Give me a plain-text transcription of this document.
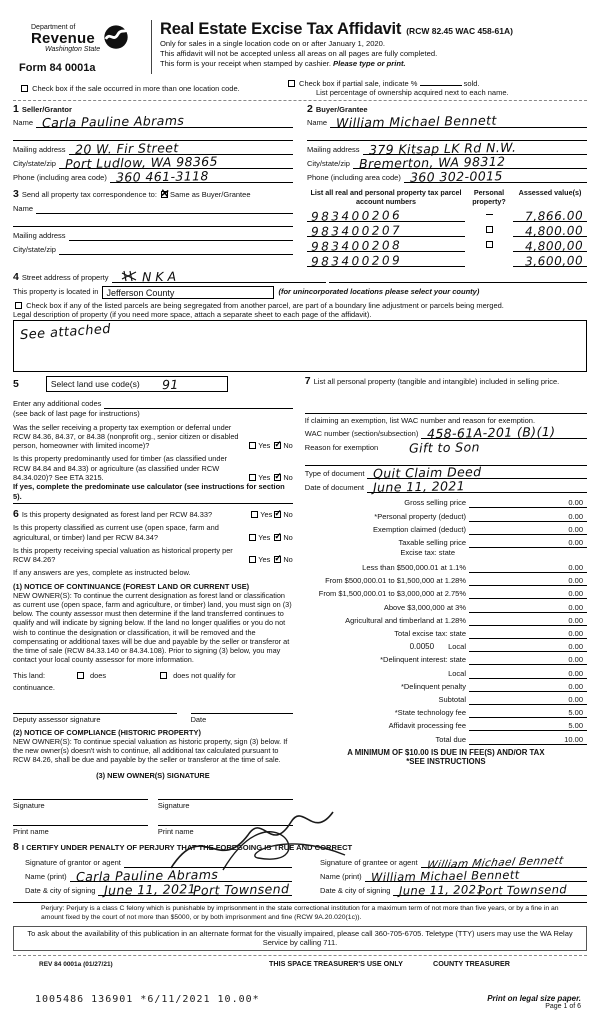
Department of
Revenue
Washington State
Form 84 0001a
Real Estate Excise Tax Affidavit (RCW 82.45 WAC 458-61A)
Only for sales in a single location code on or after January 1, 2020.
This affidavit will not be accepted unless all areas on all pages are fully completed.
This form is your receipt when stamped by cashier. Please type or print.
Check box if the sale occurred in more than one location code.
Check box if partial sale, indicate %	sold.
List percentage of ownership acquired next to each name.
1 Seller/Grantor
Name Carla Pauline Abrams
Mailing address 20 W. Fir Street
City/state/zip Port Ludlow, WA 98365
Phone (including area code) 360 461-3118
2 Buyer/Grantee
Name William Michael Bennett
Mailing address 379 Kitsap LK Rd N.W.
City/state/zip Bremerton, WA 98312
Phone (including area code) 360 302-0015
3 Send all property tax correspondence to: ✕ Same as Buyer/Grantee
Name
Mailing address
City/state/zip
List all real and personal property tax parcel account numbers
Personal property?
Assessed value(s)
983400206	7,866.00
983400207	4,800.00
983400208	4,800,00
983400209	3,600,00
4 Street address of property	NKA
This property is located in Jefferson County	(for unincorporated locations please select your county)
Check box if any of the listed parcels are being segregated from another parcel, are part of a boundary line adjustment or parcels being merged.
Legal description of property (if you need more space, attach a separate sheet to each page of the affidavit).
See attached
5	Select land use code(s) 91
Enter any additional codes
(see back of last page for instructions)
Was the seller receiving a property tax exemption or deferral under RCW 84.36, 84.37, or 84.38 (nonprofit org., senior citizen or disabled person, homeowner with limited income)?	Yes ✓ No
Is this property predominantly used for timber (as classified under RCW 84.84 and 84.33) or agriculture (as classified under RCW 84.34.020)? See ETA 3215.	Yes ✓ No
If yes, complete the predominate use calculator (see instructions for section 5).
6 Is this property designated as forest land per RCW 84.33?	Yes ✓ No
Is this property classified as current use (open space, farm and agricultural, or timber) land per RCW 84.34?	Yes ✓ No
Is this property receiving special valuation as historical property per RCW 84.26?	Yes ✓ No
If any answers are yes, complete as instructed below.
(1) NOTICE OF CONTINUANCE (FOREST LAND OR CURRENT USE)
NEW OWNER(S): To continue the current designation as forest land or classification as current use (open space, farm and agriculture, or timber) land, you must sign on (3) below. The county assessor must then determine if the land transferred continues to qualify and will indicate by signing below. If the land no longer qualifies or you do not wish to continue the designation or classification, it will be removed and the compensating or additional taxes will be due and payable by the seller or transferor at the time of sale (RCW 84.33.140 or 84.34.108). Prior to signing (3) below, you may contact your local county assessor for more information.
This land:	does	does not qualify for
continuance.
Deputy assessor signature	Date
(2) NOTICE OF COMPLIANCE (HISTORIC PROPERTY)
NEW OWNER(S): To continue special valuation as historic property, sign (3) below. If the new owner(s) doesn't wish to continue, all additional tax calculated pursuant to RCW 84.26, shall be due and payable by the seller or transferor at the time of sale.
(3) NEW OWNER(S) SIGNATURE
Signature	Signature
Print name	Print name
7 List all personal property (tangible and intangible) included in selling price.
If claiming an exemption, list WAC number and reason for exemption.
WAC number (section/subsection) 458-61A-201 (B)(1)
Reason for exemption Gift to Son
Type of document Quit Claim Deed
Date of document June 11, 2021
Gross selling price	0.00
*Personal property (deduct)	0.00
Exemption claimed (deduct)	0.00
Taxable selling price	0.00
Excise tax: state
Less than $500,000.01 at 1.1%	0.00
From $500,000.01 to $1,500,000 at 1.28%	0.00
From $1,500,000.01 to $3,000,000 at 2.75%	0.00
Above $3,000,000 at 3%	0.00
Agricultural and timberland at 1.28%	0.00
Total excise tax: state	0.00
0.0050 Local	0.00
*Delinquent interest: state	0.00
Local	0.00
*Delinquent penalty	0.00
Subtotal	0.00
*State technology fee	5.00
Affidavit processing fee	5.00
Total due	10.00
A MINIMUM OF $10.00 IS DUE IN FEE(S) AND/OR TAX
*SEE INSTRUCTIONS
8 I CERTIFY UNDER PENALTY OF PERJURY THAT THE FOREGOING IS TRUE AND CORRECT
Signature of grantor or agent
Name (print) Carla Pauline Abrams
Date & city of signing June 11, 2021
Port Townsend
Signature of grantee or agent William Michael Bennett
Name (print) William Michael Bennett
Date & city of signing June 11, 2021
Port Townsend
Perjury: Perjury is a class C felony which is punishable by imprisonment in the state correctional institution for a maximum term of not more than five years, or by a fine in an amount fixed by the court of not more than $5000, or by both imprisonment and fine (RCW 9A.20.020(1c)).
To ask about the availability of this publication in an alternate format for the visually impaired, please call 360-705-6705. Teletype (TTY) users may use the WA Relay Service by calling 711.
REV 84 0001a (01/27/21)	THIS SPACE TREASURER'S USE ONLY	COUNTY TREASURER
1005486 136901 *6/11/2021 10.00*	Print on legal size paper.
Page 1 of 6
